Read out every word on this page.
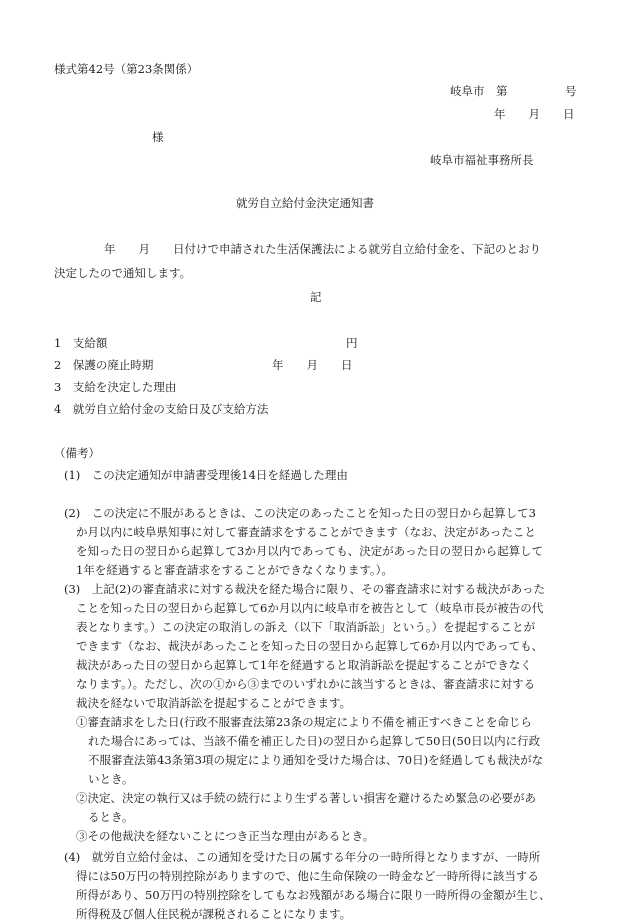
様式第42号（第23条関係）
岐阜市　第　　　　　号
年　　月　　日
様
岐阜市福祉事務所長
就労自立給付金決定通知書
年　　月　　日付けで申請された生活保護法による就労自立給付金を、下記のとおり
決定したので通知します。
記
1　支給額	円
2　保護の廃止時期	年　　月　　日
3　支給を決定した理由
4　就労自立給付金の支給日及び支給方法
（備考）
(1)　この決定通知が申請書受理後14日を経過した理由
(2)　この決定に不服があるときは、この決定のあったことを知った日の翌日から起算して3
か月以内に岐阜県知事に対して審査請求をすることができます（なお、決定があったこと
を知った日の翌日から起算して3か月以内であっても、決定があった日の翌日から起算して
1年を経過すると審査請求をすることができなくなります。）。
(3)　上記(2)の審査請求に対する裁決を経た場合に限り、その審査請求に対する裁決があった
ことを知った日の翌日から起算して6か月以内に岐阜市を被告として（岐阜市長が被告の代
表となります。）この決定の取消しの訴え（以下「取消訴訟」という。）を提起することが
できます（なお、裁決があったことを知った日の翌日から起算して6か月以内であっても、
裁決があった日の翌日から起算して1年を経過すると取消訴訟を提起することができなく
なります。）。ただし、次の①から③までのいずれかに該当するときは、審査請求に対する
裁決を経ないで取消訴訟を提起することができます。
①審査請求をした日(行政不服審査法第23条の規定により不備を補正すべきことを命じら
れた場合にあっては、当該不備を補正した日)の翌日から起算して50日(50日以内に行政
不服審査法第43条第3項の規定により通知を受けた場合は、70日)を経過しても裁決がな
いとき。
②決定、決定の執行又は手続の続行により生ずる著しい損害を避けるため緊急の必要があ
るとき。
③その他裁決を経ないことにつき正当な理由があるとき。
(4)　就労自立給付金は、この通知を受けた日の属する年分の一時所得となりますが、一時所
得には50万円の特別控除がありますので、他に生命保険の一時金など一時所得に該当する
所得があり、50万円の特別控除をしてもなお残額がある場合に限り一時所得の金額が生じ、
所得税及び個人住民税が課税されることになります。
